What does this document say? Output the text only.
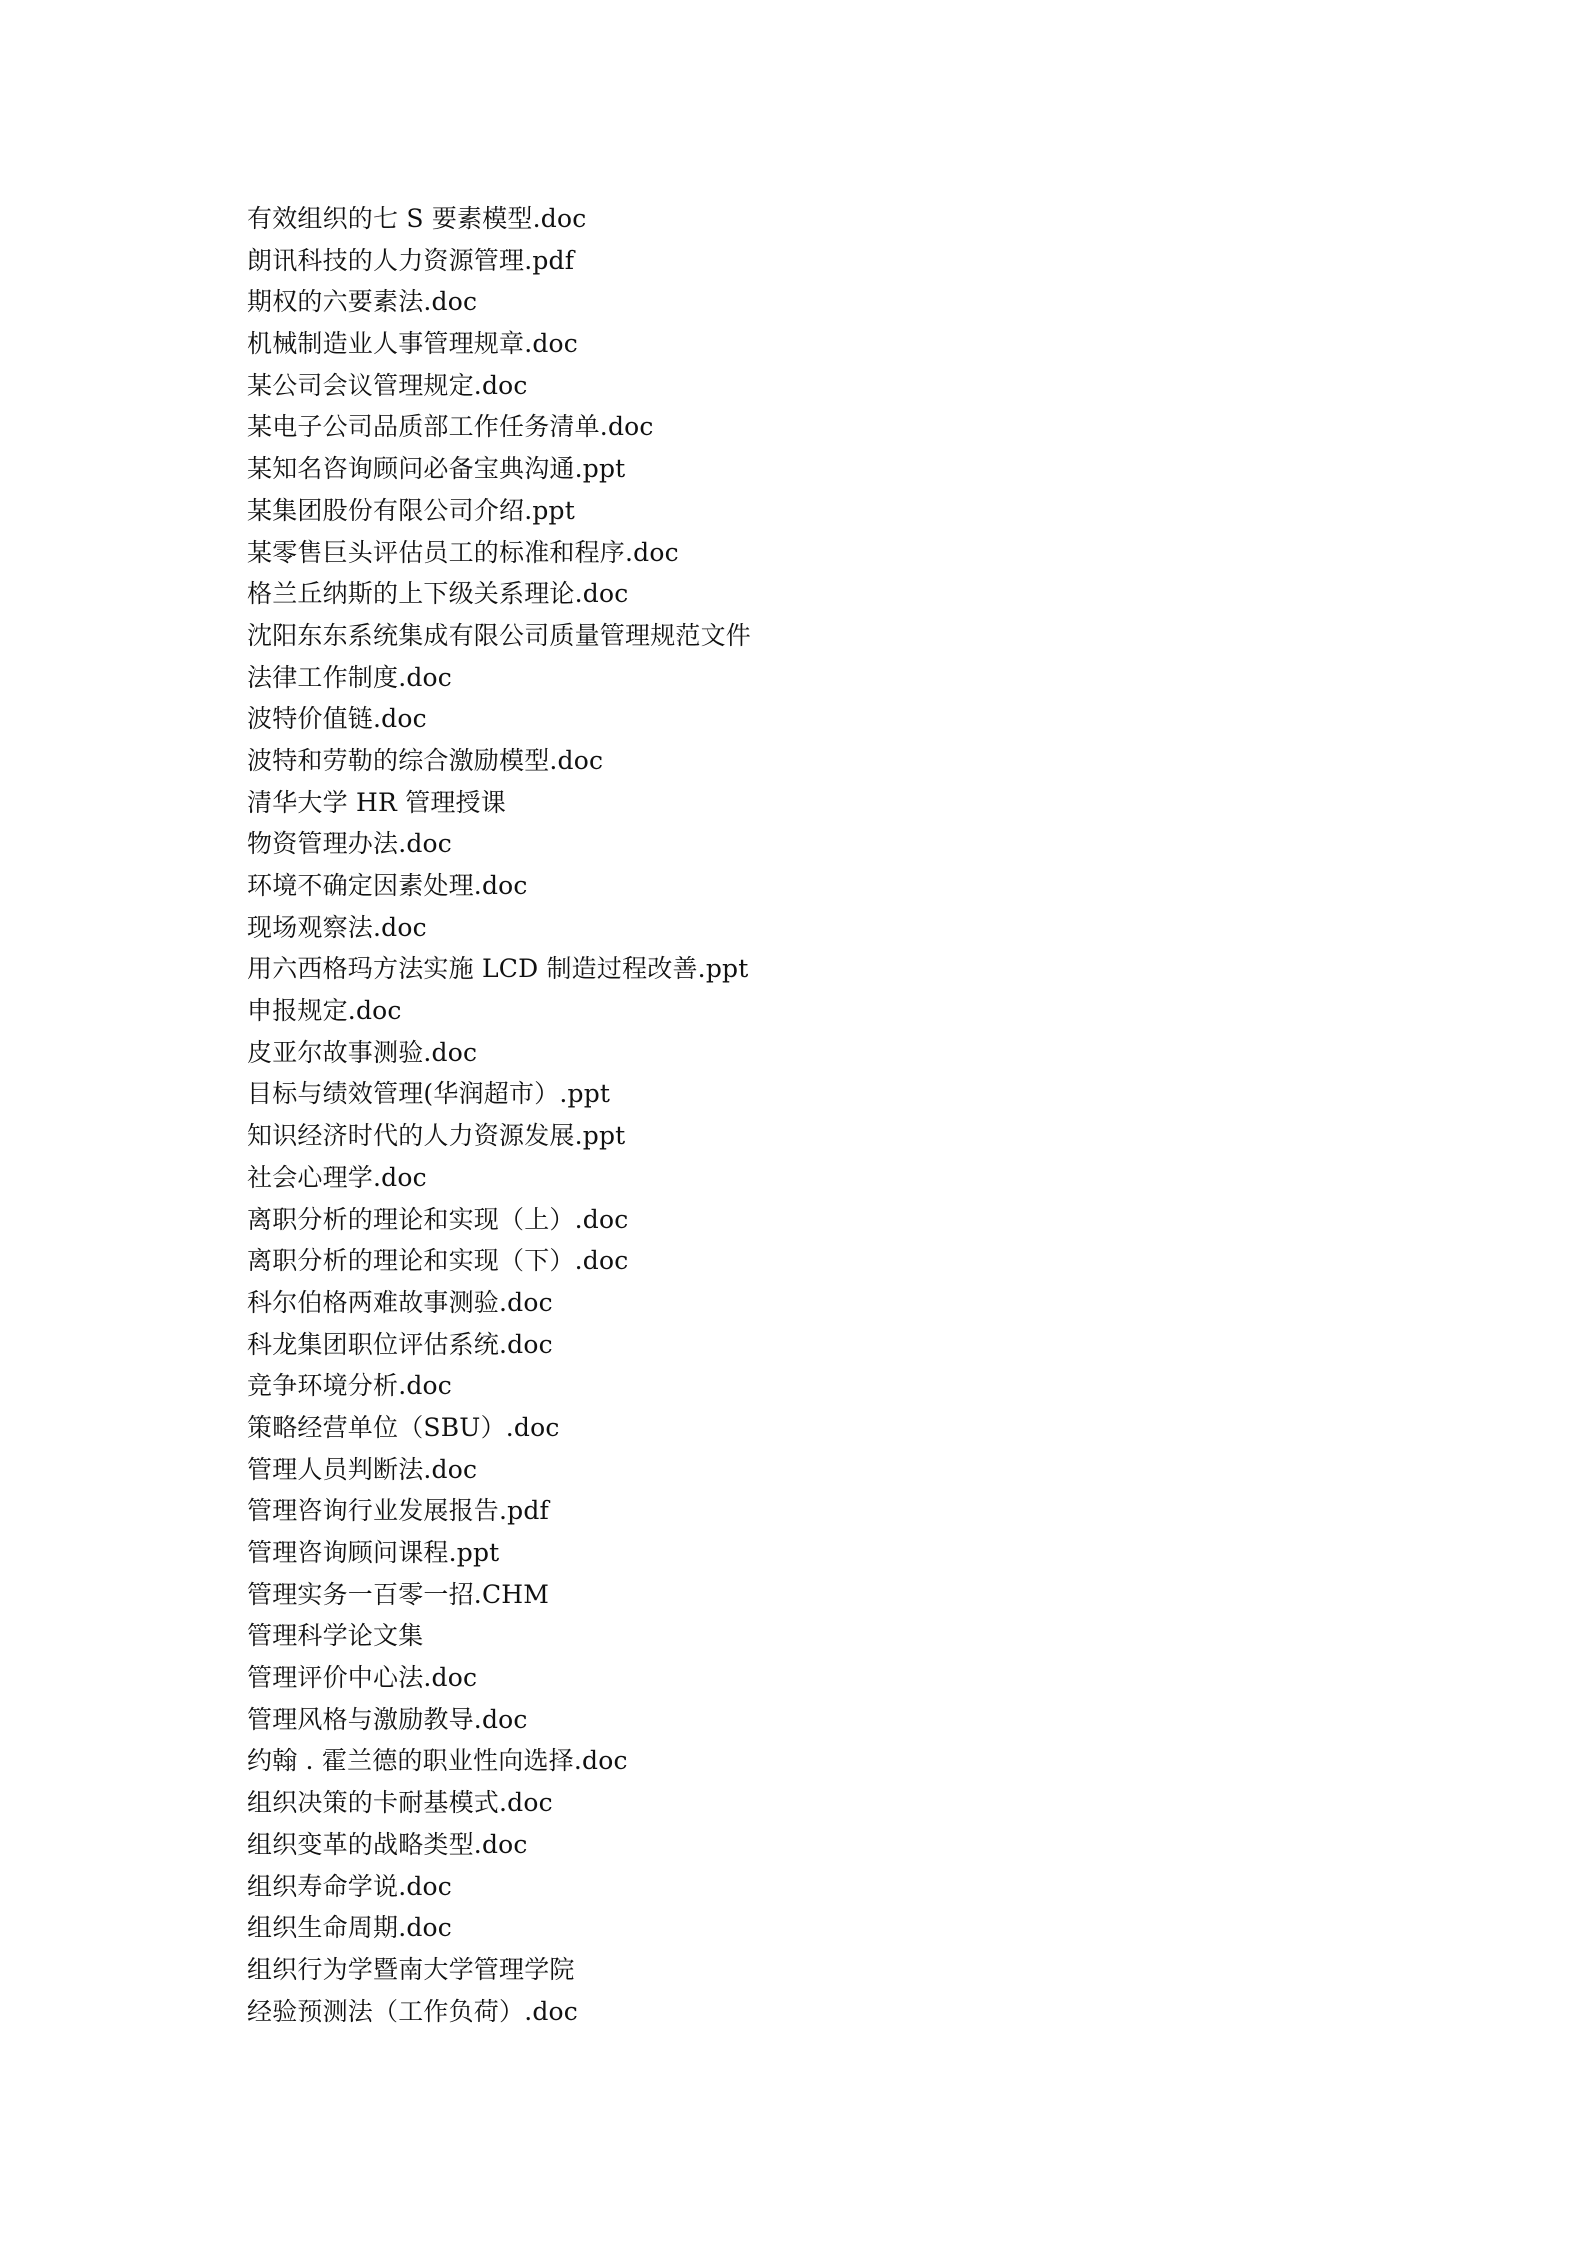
有效组织的七 S 要素模型.doc
朗讯科技的人力资源管理.pdf
期权的六要素法.doc
机械制造业人事管理规章.doc
某公司会议管理规定.doc
某电子公司品质部工作任务清单.doc
某知名咨询顾问必备宝典沟通.ppt
某集团股份有限公司介绍.ppt
某零售巨头评估员工的标准和程序.doc
格兰丘纳斯的上下级关系理论.doc
沈阳东东系统集成有限公司质量管理规范文件
法律工作制度.doc
波特价值链.doc
波特和劳勒的综合激励模型.doc
清华大学 HR 管理授课
物资管理办法.doc
环境不确定因素处理.doc
现场观察法.doc
用六西格玛方法实施 LCD 制造过程改善.ppt
申报规定.doc
皮亚尔故事测验.doc
目标与绩效管理(华润超市）.ppt
知识经济时代的人力资源发展.ppt
社会心理学.doc
离职分析的理论和实现（上）.doc
离职分析的理论和实现（下）.doc
科尔伯格两难故事测验.doc
科龙集团职位评估系统.doc
竞争环境分析.doc
策略经营单位（SBU）.doc
管理人员判断法.doc
管理咨询行业发展报告.pdf
管理咨询顾问课程.ppt
管理实务一百零一招.CHM
管理科学论文集
管理评价中心法.doc
管理风格与激励教导.doc
约翰 . 霍兰德的职业性向选择.doc
组织决策的卡耐基模式.doc
组织变革的战略类型.doc
组织寿命学说.doc
组织生命周期.doc
组织行为学暨南大学管理学院
经验预测法（工作负荷）.doc
